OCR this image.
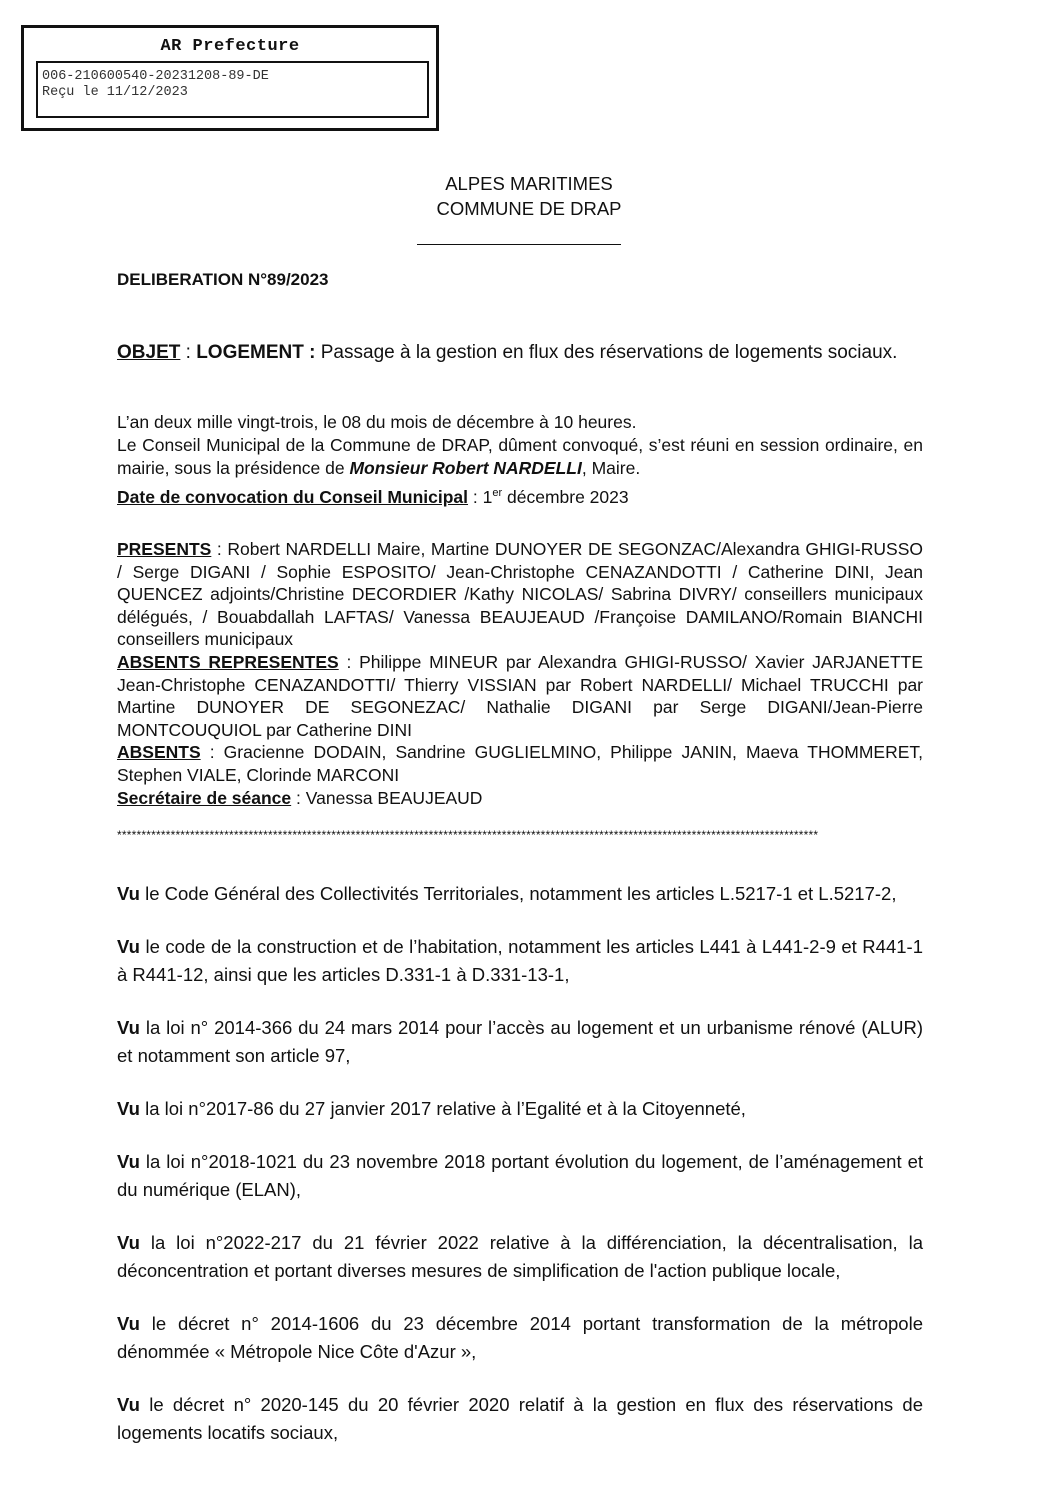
AR Prefecture
006-210600540-20231208-89-DE
Reçu le 11/12/2023
ALPES MARITIMES
COMMUNE DE DRAP
DELIBERATION N°89/2023
OBJET : LOGEMENT : Passage à la gestion en flux des réservations de logements sociaux.
L’an deux mille vingt-trois, le 08 du mois de décembre à 10 heures.
Le Conseil Municipal de la Commune de DRAP, dûment convoqué, s’est réuni en session ordinaire, en mairie, sous la présidence de Monsieur Robert NARDELLI, Maire.
Date de convocation du Conseil Municipal : 1er décembre 2023
PRESENTS : Robert NARDELLI Maire, Martine DUNOYER DE SEGONZAC/Alexandra GHIGI-RUSSO / Serge DIGANI / Sophie ESPOSITO/ Jean-Christophe CENAZANDOTTI / Catherine DINI, Jean QUENCEZ adjoints/Christine DECORDIER /Kathy NICOLAS/ Sabrina DIVRY/ conseillers municipaux délégués, / Bouabdallah LAFTAS/ Vanessa BEAUJEAUD /Françoise DAMILANO/Romain BIANCHI conseillers municipaux
ABSENTS REPRESENTES : Philippe MINEUR par Alexandra GHIGI-RUSSO/ Xavier JARJANETTE Jean-Christophe CENAZANDOTTI/ Thierry VISSIAN par Robert NARDELLI/ Michael TRUCCHI par Martine DUNOYER DE SEGONEZAC/ Nathalie DIGANI par Serge DIGANI/Jean-Pierre MONTCOUQUIOL par Catherine DINI
ABSENTS : Gracienne DODAIN, Sandrine GUGLIELMINO, Philippe JANIN, Maeva THOMMERET, Stephen VIALE, Clorinde MARCONI
Secrétaire de séance : Vanessa BEAUJEAUD
************************************************************************************************************************************************

Vu le Code Général des Collectivités Territoriales, notamment les articles L.5217-1 et L.5217-2,

Vu le code de la construction et de l’habitation, notamment les articles L441 à L441-2-9 et R441-1 à R441-12, ainsi que les articles D.331-1 à D.331-13-1,

Vu la loi n° 2014-366 du 24 mars 2014 pour l’accès au logement et un urbanisme rénové (ALUR) et notamment son article 97,

Vu la loi n°2017-86 du 27 janvier 2017 relative à l’Egalité et à la Citoyenneté,

Vu la loi n°2018-1021 du 23 novembre 2018 portant évolution du logement, de l’aménagement et du numérique (ELAN),

Vu la loi n°2022-217 du 21 février 2022 relative à la différenciation, la décentralisation, la déconcentration et portant diverses mesures de simplification de l'action publique locale,

Vu le décret n° 2014-1606 du 23 décembre 2014 portant transformation de la métropole dénommée « Métropole Nice Côte d'Azur »,

Vu le décret n° 2020-145 du 20 février 2020 relatif à la gestion en flux des réservations de logements locatifs sociaux,
